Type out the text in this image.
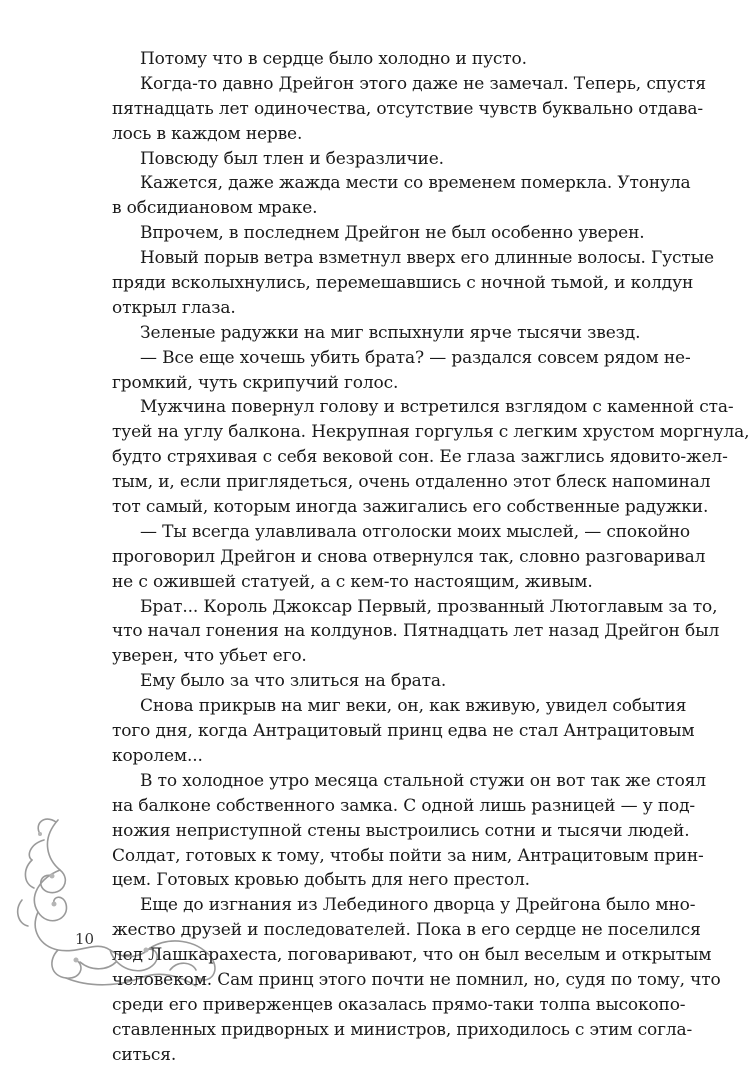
Потому что в сердце было холодно и пусто.
Когда-то давно Дрейгон этого даже не замечал. Теперь, спустя
пятнадцать лет одиночества, отсутствие чувств буквально отдава-
лось в каждом нерве.
Повсюду был тлен и безразличие.
Кажется, даже жажда мести со временем померкла. Утонула
в обсидиановом мраке.
Впрочем, в последнем Дрейгон не был особенно уверен.
Новый порыв ветра взметнул вверх его длинные волосы. Густые
пряди всколыхнулись, перемешавшись с ночной тьмой, и колдун
открыл глаза.
Зеленые радужки на миг вспыхнули ярче тысячи звезд.
— Все еще хочешь убить брата? — раздался совсем рядом не-
громкий, чуть скрипучий голос.
Мужчина повернул голову и встретился взглядом с каменной ста-
туей на углу балкона. Некрупная горгулья с легким хрустом моргнула,
будто стряхивая с себя вековой сон. Ее глаза зажглись ядовито-жел-
тым, и, если приглядеться, очень отдаленно этот блеск напоминал
тот самый, которым иногда зажигались его собственные радужки.
— Ты всегда улавливала отголоски моих мыслей, — спокойно
проговорил Дрейгон и снова отвернулся так, словно разговаривал
не с ожившей статуей, а с кем-то настоящим, живым.
Брат... Король Джоксар Первый, прозванный Лютоглавым за то,
что начал гонения на колдунов. Пятнадцать лет назад Дрейгон был
уверен, что убьет его.
Ему было за что злиться на брата.
Снова прикрыв на миг веки, он, как вживую, увидел события
того дня, когда Антрацитовый принц едва не стал Антрацитовым
королем...
В то холодное утро месяца стальной стужи он вот так же стоял
на балконе собственного замка. С одной лишь разницей — у под-
ножия неприступной стены выстроились сотни и тысячи людей.
Солдат, готовых к тому, чтобы пойти за ним, Антрацитовым прин-
цем. Готовых кровью добыть для него престол.
Еще до изгнания из Лебединого дворца у Дрейгона было мно-
жество друзей и последователей. Пока в его сердце не поселился
лед Лашкарахеста, поговаривают, что он был веселым и открытым
человеком. Сам принц этого почти не помнил, но, судя по тому, что
среди его приверженцев оказалась прямо-таки толпа высокопо-
ставленных придворных и министров, приходилось с этим согла-
ситься.
10
